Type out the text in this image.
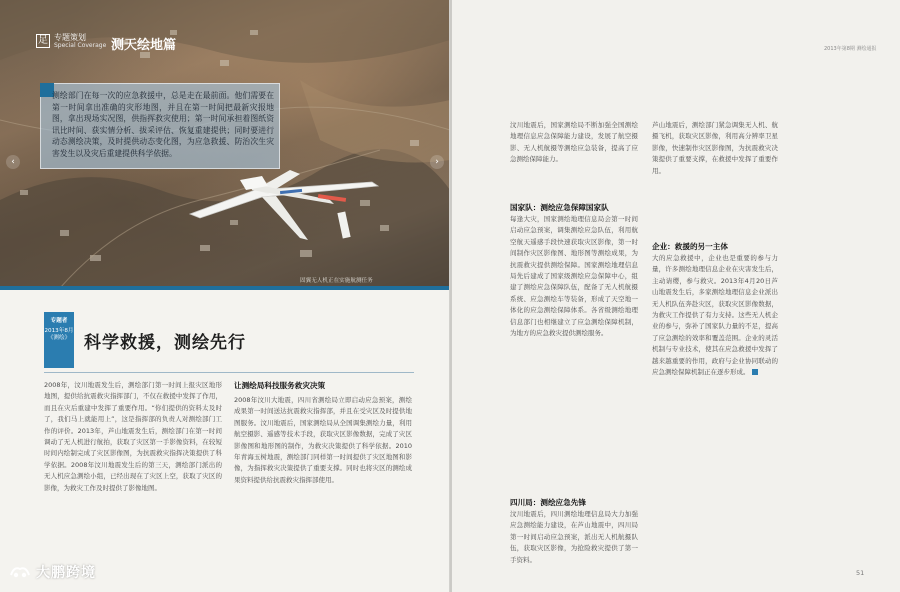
足 专题策划
Special Coverage 测天绘地篇
测绘部门在每一次的应急救援中，总是走在最前面。他们需要在第一时间拿出准确的灾形地图，并且在第一时间把最新灾报地图，拿出现场实况图，供指挥救灾使用；第一时间承担着图纸资讯比时间、获实情分析、拔采评估、恢复重建提供；同时要进行动态测绘决策，及时提供动态变化图，为应急救援、防治次生灾害发生以及灾后重建提供科学依据。
‹	›
固翼无人机正在实施航测任务
专题者
2013年8月
《测绘》 科学救援，测绘先行
2008年，汶川地震发生后，测绘部门第一时间上报灾区地形地图，提供给抗震救灾指挥部门，不仅在救援中发挥了作用，而且在灾后重建中发挥了重要作用。“你们提供的资料太及时了，我们马上就能用上”，这是指挥部的负责人对测绘部门工作的评价。2013年，芦山地震发生后，测绘部门在第一时间调动了无人机进行航拍，获取了灾区第一手影像资料，在较短时间内绘制完成了灾区影像图，为抗震救灾指挥决策提供了科学依据。2008年汶川地震发生后的第三天，测绘部门派出的无人机应急测绘小组，已经出现在了灾区上空，获取了灾区的影像，为救灾工作及时提供了影像地图。
让测绘局科技服务救灾决策
2008年汶川大地震，四川省测绘局立即启动应急预案，测绘成果第一时间送达抗震救灾指挥部，并且在受灾区及时提供地图服务。汶川地震后，国家测绘局从全国调集测绘力量，利用航空摄影、遥感等技术手段，获取灾区影像数据，完成了灾区影像图和地形图的制作，为救灾决策提供了科学依据。2010年青海玉树地震，测绘部门同样第一时间提供了灾区地图和影像，为指挥救灾决策提供了重要支撑。同时也将灾区的测绘成果资料提供给抗震救灾指挥部使用。
大鹏跨境
2013年第8期 测绘通报
汶川地震后，国家测绘局不断加强全国测绘地理信息应急保障能力建设，发展了航空摄影、无人机航摄等测绘应急装备，提高了应急测绘保障能力。
国家队：测绘应急保障国家队
每逢大灾，国家测绘地理信息局会第一时间启动应急预案，调集测绘应急队伍，利用航空航天遥感手段快速获取灾区影像，第一时间制作灾区影像图、地形图等测绘成果，为抗震救灾提供测绘保障。国家测绘地理信息局先后建成了国家级测绘应急保障中心，组建了测绘应急保障队伍，配备了无人机航摄系统、应急测绘车等装备，形成了天空地一体化的应急测绘保障体系。各省级测绘地理信息部门也相继建立了应急测绘保障机制，为地方的应急救灾提供测绘服务。
四川局：测绘应急先锋
汶川地震后，四川测绘地理信息局大力加强应急测绘能力建设，在芦山地震中，四川局第一时间启动应急预案，派出无人机航摄队伍，获取灾区影像，为抢险救灾提供了第一手资料。
芦山地震后，测绘部门紧急调集无人机、航摄飞机，获取灾区影像，利用高分辨率卫星影像，快速制作灾区影像图，为抗震救灾决策提供了重要支撑，在救援中发挥了重要作用。
企业：救援的另一主体
大的应急救援中，企业也是重要的参与力量，许多测绘地理信息企业在灾害发生后，主动请缨，参与救灾。2013年4月20日芦山地震发生后，多家测绘地理信息企业派出无人机队伍奔赴灾区，获取灾区影像数据，为救灾工作提供了有力支持。这些无人机企业的参与，弥补了国家队力量的不足，提高了应急测绘的效率和覆盖范围。企业的灵活机制与专业技术，使其在应急救援中发挥了越来越重要的作用，政府与企业协同联动的应急测绘保障机制正在逐步形成。
51
